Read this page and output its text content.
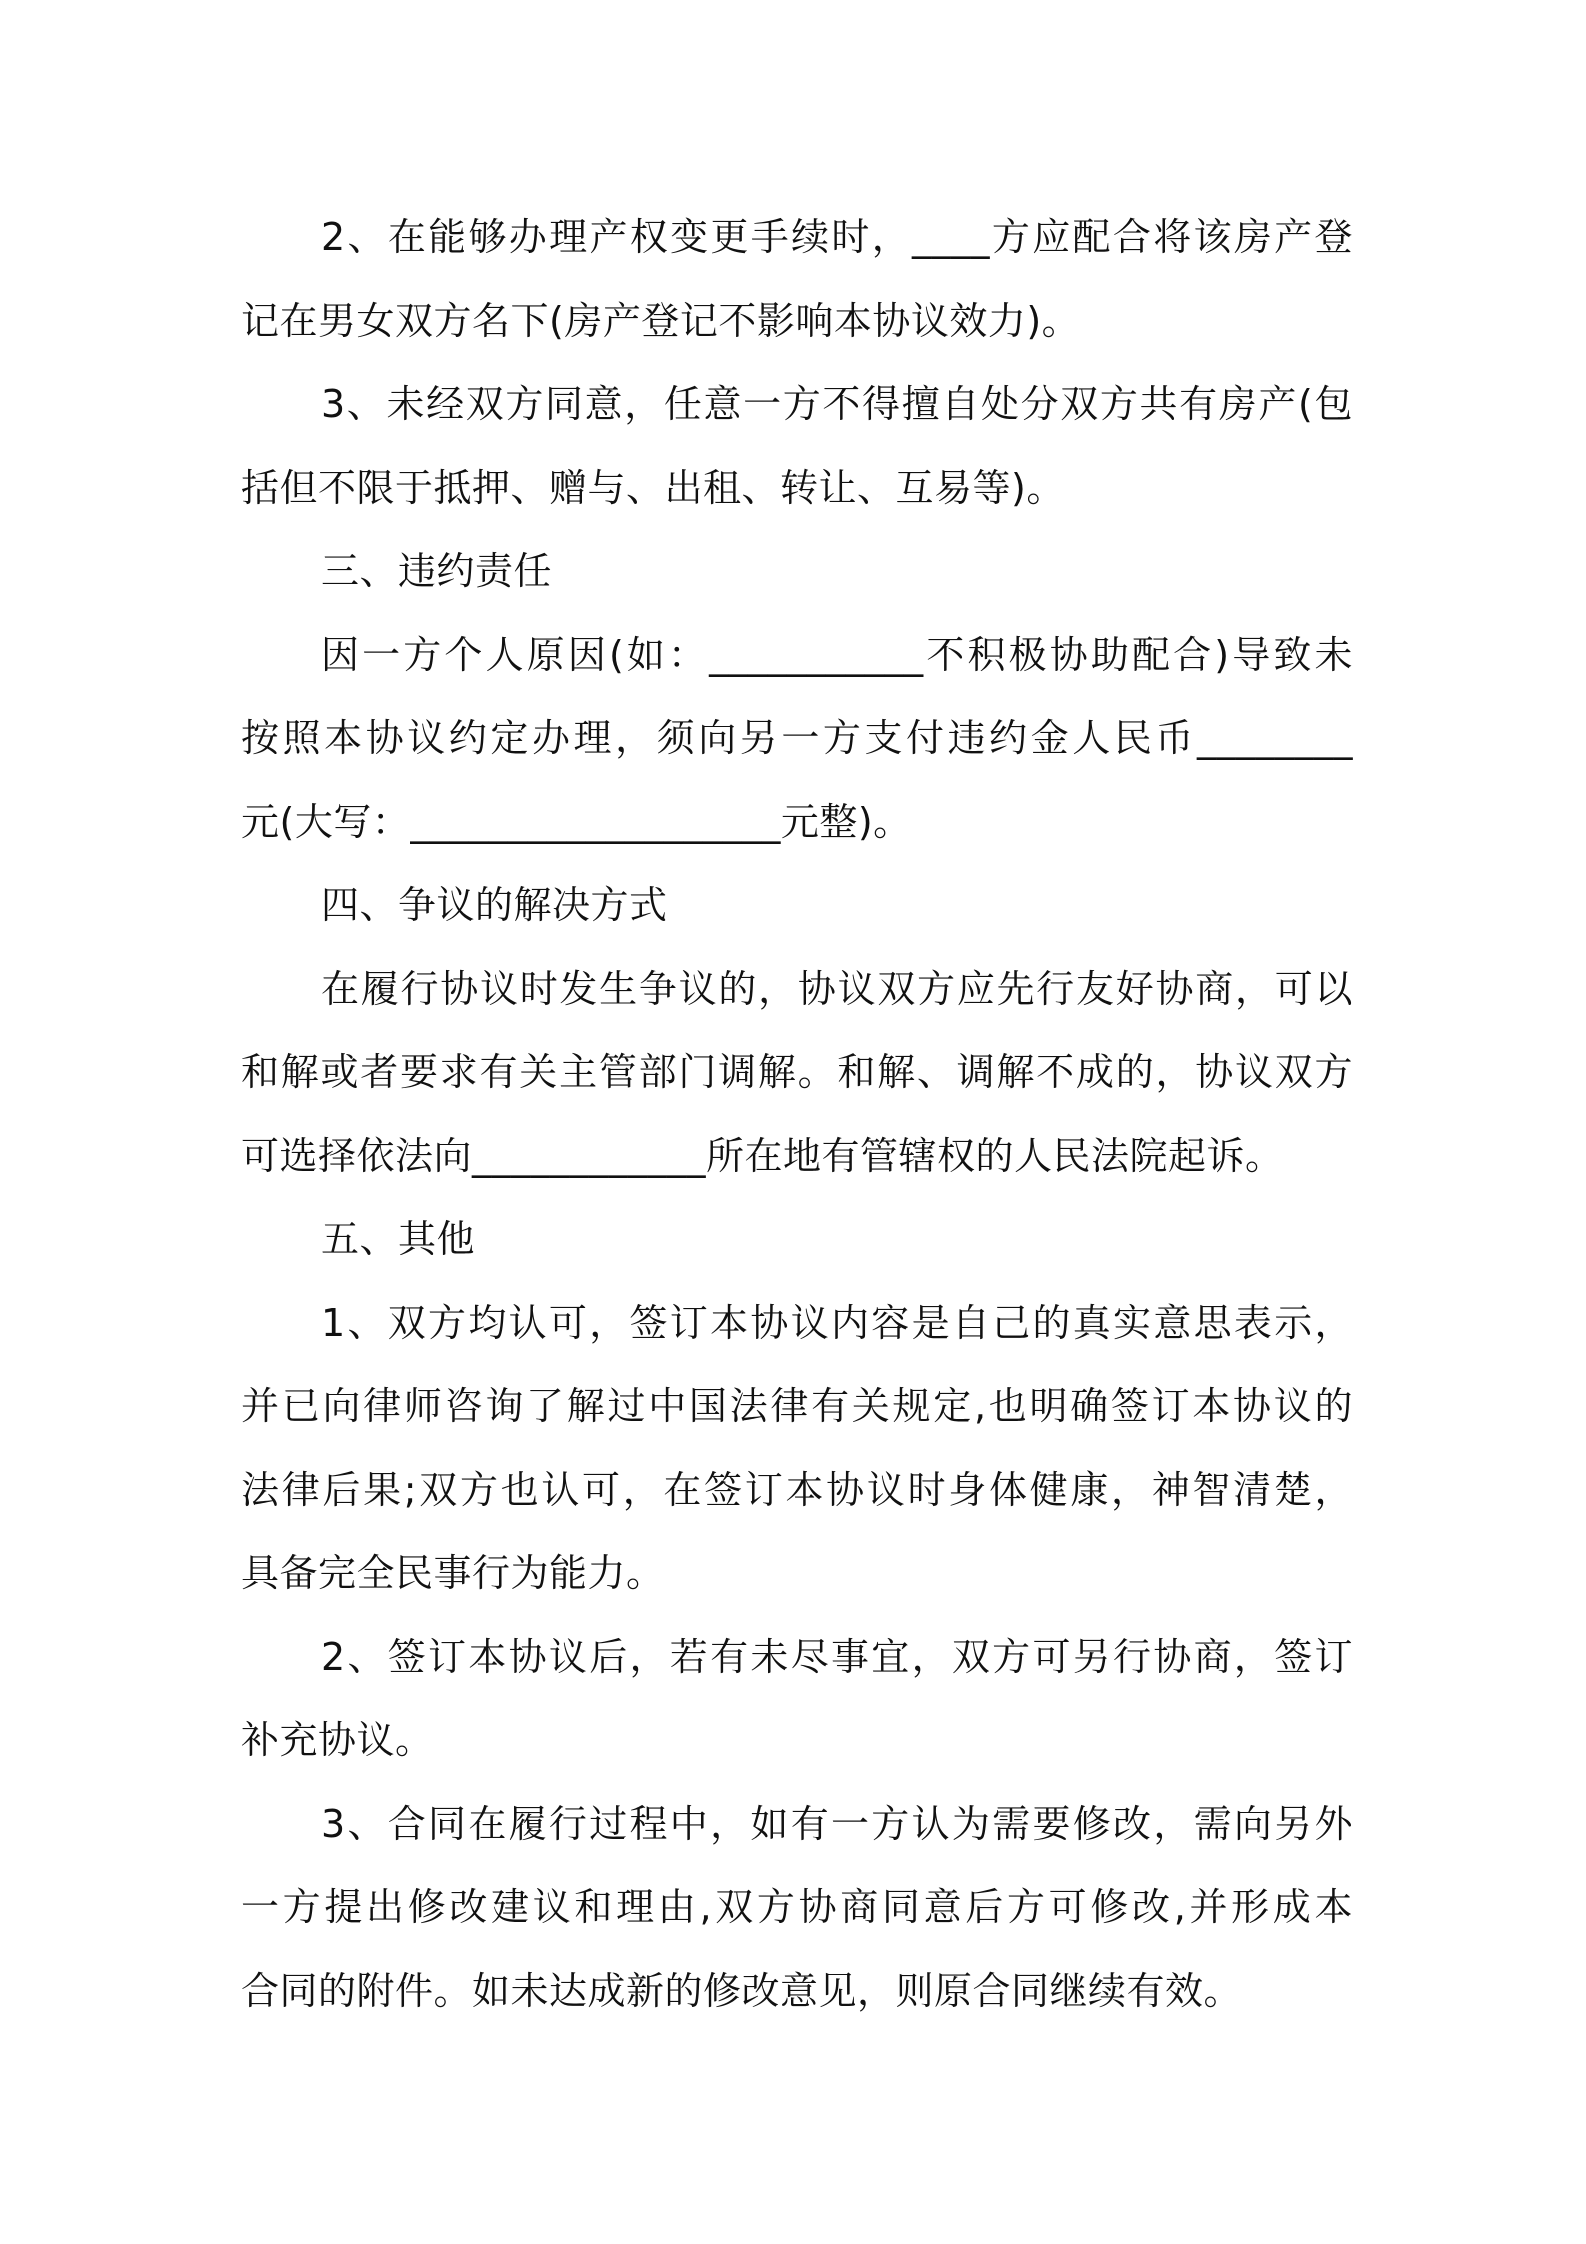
2、在能够办理产权变更手续时，____方应配合将该房产登
记在男女双方名下(房产登记不影响本协议效力)。
3、未经双方同意，任意一方不得擅自处分双方共有房产(包
括但不限于抵押、赠与、出租、转让、互易等)。
三、违约责任
因一方个人原因(如：___________不积极协助配合)导致未
按照本协议约定办理，须向另一方支付违约金人民币________
元(大写：___________________元整)。
四、争议的解决方式
在履行协议时发生争议的，协议双方应先行友好协商，可以
和解或者要求有关主管部门调解。和解、调解不成的，协议双方
可选择依法向____________所在地有管辖权的人民法院起诉。
五、其他
1、双方均认可，签订本协议内容是自己的真实意思表示，
并已向律师咨询了解过中国法律有关规定,也明确签订本协议的
法律后果;双方也认可，在签订本协议时身体健康，神智清楚，
具备完全民事行为能力。
2、签订本协议后，若有未尽事宜，双方可另行协商，签订
补充协议。
3、合同在履行过程中，如有一方认为需要修改，需向另外
一方提出修改建议和理由,双方协商同意后方可修改,并形成本
合同的附件。如未达成新的修改意见，则原合同继续有效。
